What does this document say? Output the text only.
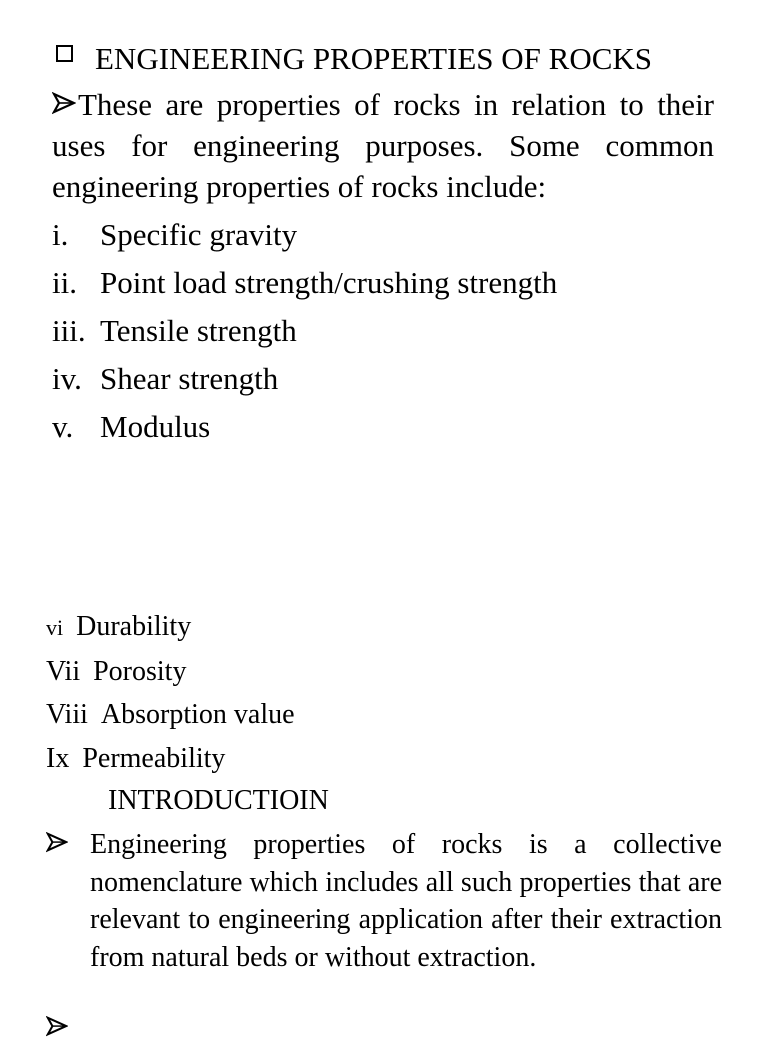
ENGINEERING PROPERTIES OF ROCKS

These are properties of rocks in relation to their uses for engineering purposes. Some common engineering properties of rocks include:

i.	Specific gravity
ii. Point load strength/crushing strength
iii. Tensile strength
iv. Shear strength
v. Modulus
vi Durability
Vii Porosity
Viii Absorption value
Ix Permeability
INTRODUCTIOIN

Engineering properties of rocks is a collective nomenclature which includes all such properties that are relevant to engineering application after their extraction from natural beds or without extraction.
